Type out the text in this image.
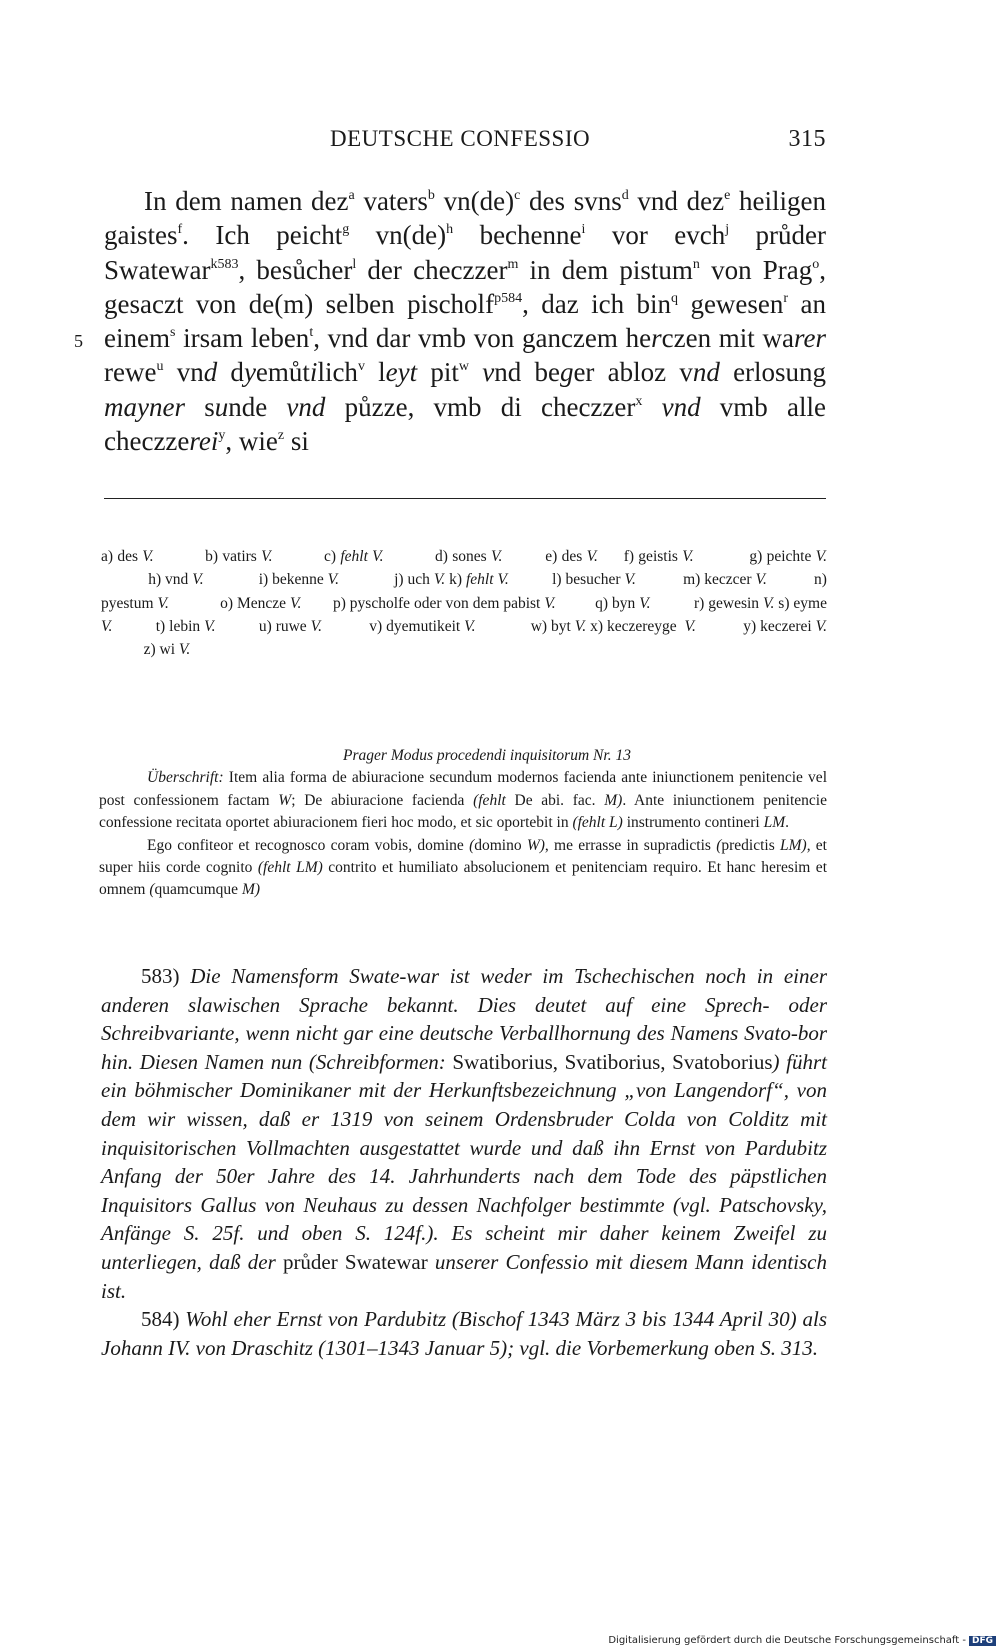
DEUTSCHE CONFESSIO	315
5

In dem namen dez$^a$ vaters$^b$ vn(de)$^c$ des svns$^d$ vnd dez$^e$ heiligen gaistes$^f$. Ich peicht$^g$ vn(de)$^h$ bechenne$^i$ vor evch$^j$ průder Swatewar$^{k583}$, besůcher$^l$ der checzzer$^m$ in dem pistum$^n$ von Prag$^o$, gesaczt von de(m) selben pischolf$^{p584}$, daz ich bin$^q$ gewesen$^r$ an einem$^s$ irsam leben$^t$, vnd dar vmb von ganczem herczen mit warer rewe$^u$ vnd dyemůtilich$^v$ leyt pit$^w$ vnd beger abloz vnd erlosung mayner sunde vnd půzze, vmb di checzzer$^x$ vnd vmb alle checzzerei$^y$, wie$^z$ si

a) des V.            b) vatirs V.            c) fehlt V.            d) sones V.          e) des V.      f) geistis V.             g) peichte V.             h) vnd V.              i) bekenne V.              j) uch V. k) fehlt V.           l) besucher V.            m) keczcer V.            n) pyestum V.             o) Mencze V.        p) pyscholfe oder von dem pabist V.          q) byn V.           r) gewesin V. s) eyme V.           t) lebin V.           u) ruwe V.            v) dyemutikeit V.              w) byt V. x) keczereyge  V.            y) keczerei V.            z) wi V.

Prager Modus procedendi inquisitorum Nr. 13

Überschrift: Item alia forma de abiuracione secundum modernos facienda ante iniunctionem penitencie vel post confessionem factam W; De abiuracione facienda (fehlt De abi. fac. M). Ante iniunctionem penitencie confessione recitata oportet abiuracionem fieri hoc modo, et sic oportebit in (fehlt L) instrumento contineri LM.

Ego confiteor et recognosco coram vobis, domine (domino W), me errasse in supradictis (predictis LM), et super hiis corde cognito (fehlt LM) contrito et humiliato absolucionem et penitenciam requiro. Et hanc heresim et omnem (quamcumque M)

583) Die Namensform Swate-war ist weder im Tschechischen noch in einer anderen slawischen Sprache bekannt. Dies deutet auf eine Sprech- oder Schreibvariante, wenn nicht gar eine deutsche Verballhornung des Namens Svato-bor hin. Diesen Namen nun (Schreibformen: Swatiborius, Svatiborius, Svatoborius) führt ein böhmischer Dominikaner mit der Herkunftsbezeichnung „von Langendorf“, von dem wir wissen, daß er 1319 von seinem Ordensbruder Colda von Colditz mit inquisitorischen Vollmachten ausgestattet wurde und daß ihn Ernst von Pardubitz Anfang der 50er Jahre des 14. Jahrhunderts nach dem Tode des päpstlichen Inquisitors Gallus von Neuhaus zu dessen Nachfolger bestimmte (vgl. Patschovsky, Anfänge S. 25f. und oben S. 124f.). Es scheint mir daher keinem Zweifel zu unterliegen, daß der průder Swatewar unserer Confessio mit diesem Mann identisch ist.

584) Wohl eher Ernst von Pardubitz (Bischof 1343 März 3 bis 1344 April 30) als Johann IV. von Draschitz (1301–1343 Januar 5); vgl. die Vorbemerkung oben S. 313.

Digitalisierung gefördert durch die Deutsche Forschungsgemeinschaft - DFG
